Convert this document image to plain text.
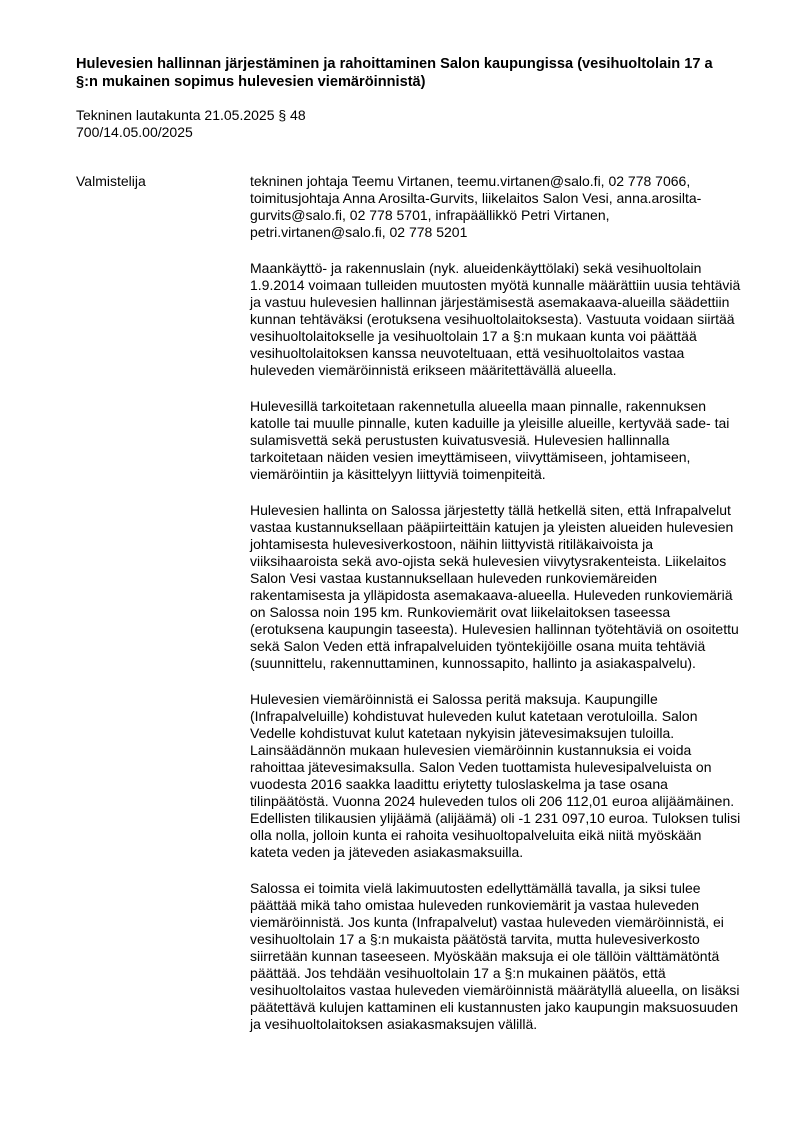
Hulevesien hallinnan järjestäminen ja rahoittaminen Salon kaupungissa (vesihuoltolain 17 a §:n mukainen sopimus hulevesien viemäröinnistä)
Tekninen lautakunta 21.05.2025 § 48
700/14.05.00/2025
Valmistelija	tekninen johtaja Teemu Virtanen, teemu.virtanen@salo.fi, 02 778 7066, toimitusjohtaja Anna Arosilta-Gurvits, liikelaitos Salon Vesi, anna.arosilta-gurvits@salo.fi, 02 778 5701, infrapäällikkö Petri Virtanen, petri.virtanen@salo.fi, 02 778 5201

Maankäyttö- ja rakennuslain (nyk. alueidenkäyttölaki) sekä vesihuoltolain 1.9.2014 voimaan tulleiden muutosten myötä kunnalle määrättiin uusia tehtäviä ja vastuu hulevesien hallinnan järjestämisestä asemakaava-alueilla säädettiin kunnan tehtäväksi (erotuksena vesihuoltolaitoksesta). Vastuuta voidaan siirtää vesihuoltolaitokselle ja vesihuoltolain 17 a §:n mukaan kunta voi päättää vesihuoltolaitoksen kanssa neuvoteltuaan, että vesihuoltolaitos vastaa huleveden viemäröinnistä erikseen määritettävällä alueella.

Hulevesillä tarkoitetaan rakennetulla alueella maan pinnalle, rakennuksen katolle tai muulle pinnalle, kuten kaduille ja yleisille alueille, kertyvää sade- tai sulamisvettä sekä perustusten kuivatusvesiä. Hulevesien hallinnalla tarkoitetaan näiden vesien imeyttämiseen, viivyttämiseen, johtamiseen, viemäröintiin ja käsittelyyn liittyviä toimenpiteitä.

Hulevesien hallinta on Salossa järjestetty tällä hetkellä siten, että Infrapalvelut vastaa kustannuksellaan pääpiirteittäin katujen ja yleisten alueiden hulevesien johtamisesta hulevesiverkostoon, näihin liittyvistä ritiläkaivoista ja viiksihaaroista sekä avo-ojista sekä hulevesien viivytysrakenteista. Liikelaitos Salon Vesi vastaa kustannuksellaan huleveden runkoviemäreiden rakentamisesta ja ylläpidosta asemakaava-alueella. Huleveden runkoviemäriä on Salossa noin 195 km. Runkoviemärit ovat liikelaitoksen taseessa (erotuksena kaupungin taseesta). Hulevesien hallinnan työtehtäviä on osoitettu sekä Salon Veden että infrapalveluiden työntekijöille osana muita tehtäviä (suunnittelu, rakennuttaminen, kunnossapito, hallinto ja asiakaspalvelu).

Hulevesien viemäröinnistä ei Salossa peritä maksuja. Kaupungille (Infrapalveluille) kohdistuvat huleveden kulut katetaan verotuloilla. Salon Vedelle kohdistuvat kulut katetaan nykyisin jätevesimaksujen tuloilla. Lainsäädännön mukaan hulevesien viemäröinnin kustannuksia ei voida rahoittaa jätevesimaksulla. Salon Veden tuottamista hulevesipalveluista on vuodesta 2016 saakka laadittu eriytetty tuloslaskelma ja tase osana tilinpäätöstä. Vuonna 2024 huleveden tulos oli 206 112,01 euroa alijäämäinen. Edellisten tilikausien ylijäämä (alijäämä) oli -1 231 097,10 euroa. Tuloksen tulisi olla nolla, jolloin kunta ei rahoita vesihuoltopalveluita eikä niitä myöskään kateta veden ja jäteveden asiakasmaksuilla.

Salossa ei toimita vielä lakimuutosten edellyttämällä tavalla, ja siksi tulee päättää mikä taho omistaa huleveden runkoviemärit ja vastaa huleveden viemäröinnistä. Jos kunta (Infrapalvelut) vastaa huleveden viemäröinnistä, ei vesihuoltolain 17 a §:n mukaista päätöstä tarvita, mutta hulevesiverkosto siirretään kunnan taseeseen. Myöskään maksuja ei ole tällöin välttämätöntä päättää. Jos tehdään vesihuoltolain 17 a §:n mukainen päätös, että vesihuoltolaitos vastaa huleveden viemäröinnistä määrätyllä alueella, on lisäksi päätettävä kulujen kattaminen eli kustannusten jako kaupungin maksuosuuden ja vesihuoltolaitoksen asiakasmaksujen välillä.
